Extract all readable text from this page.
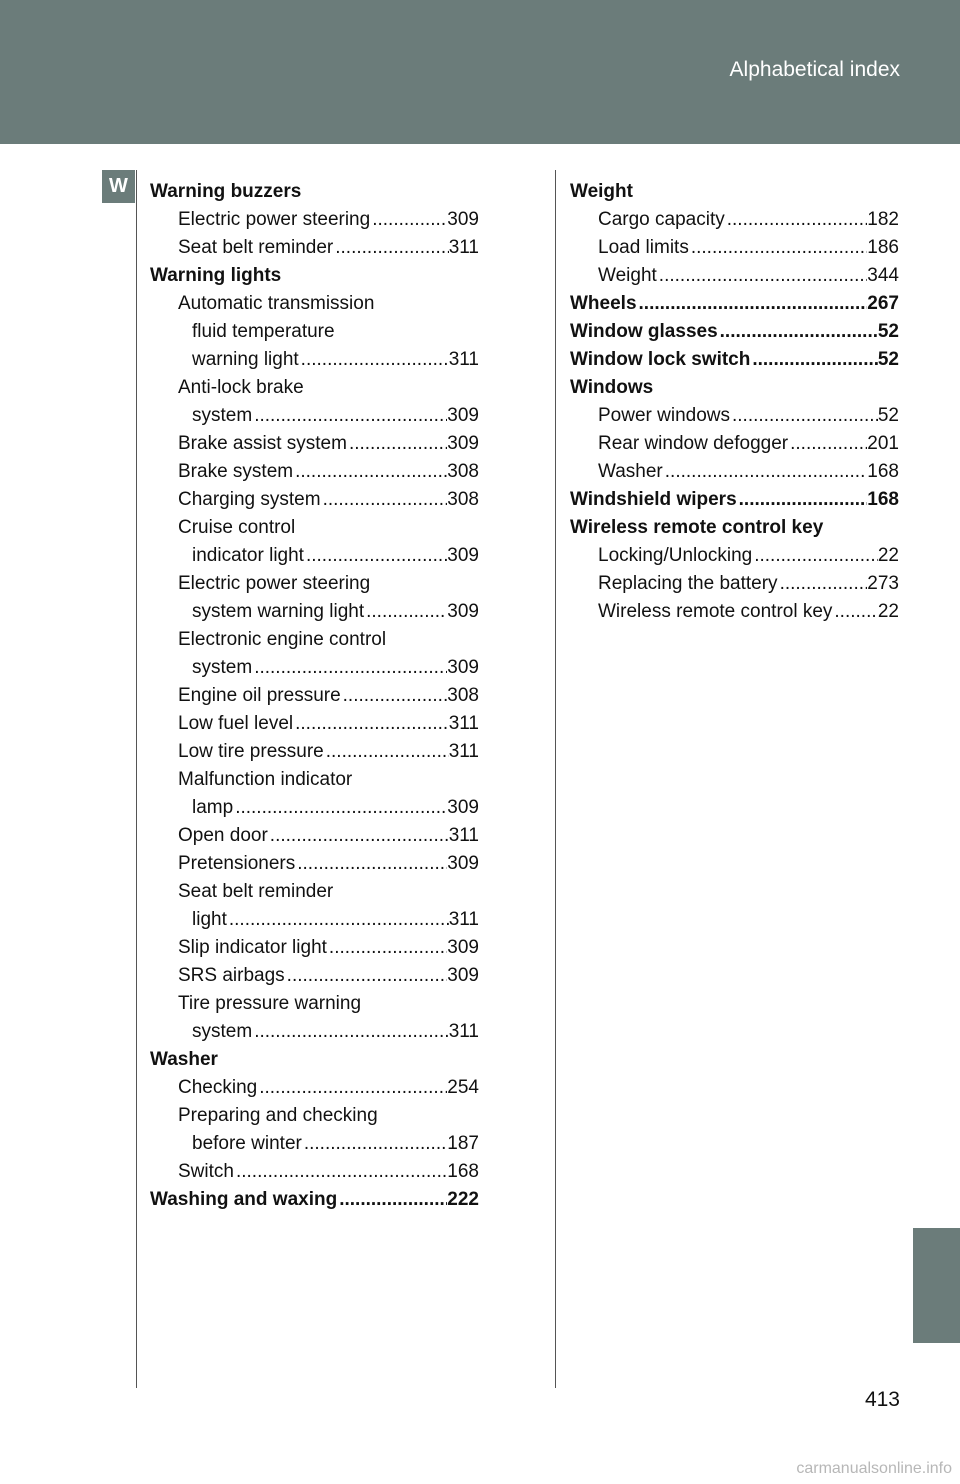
Alphabetical index
W	Warning buzzers
Electric power steering .....	309
Seat belt reminder .....	311
Warning lights
Automatic transmission
fluid temperature
warning light .....	311
Anti-lock brake
system .....	309
Brake assist system .....	309
Brake system .....	308
Charging system .....	308
Cruise control
indicator light .....	309
Electric power steering
system warning light .....	309
Electronic engine control
system .....	309
Engine oil pressure .....	308
Low fuel level .....	311
Low tire pressure .....	311
Malfunction indicator
lamp .....	309
Open door .....	311
Pretensioners .....	309
Seat belt reminder
light .....	311
Slip indicator light .....	309
SRS airbags .....	309
Tire pressure warning
system .....	311
Washer
Checking .....	254
Preparing and checking
before winter .....	187
Switch .....	168
Washing and waxing .....	222
Weight
Cargo capacity .....	182
Load limits .....	186
Weight .....	344
Wheels .....	267
Window glasses .....	52
Window lock switch .....	52
Windows
Power windows .....	52
Rear window defogger .....	201
Washer .....	168
Windshield wipers .....	168
Wireless remote control key
Locking/Unlocking .....	22
Replacing the battery .....	273
Wireless remote control key ..... 22
413
carmanualsonline.info
